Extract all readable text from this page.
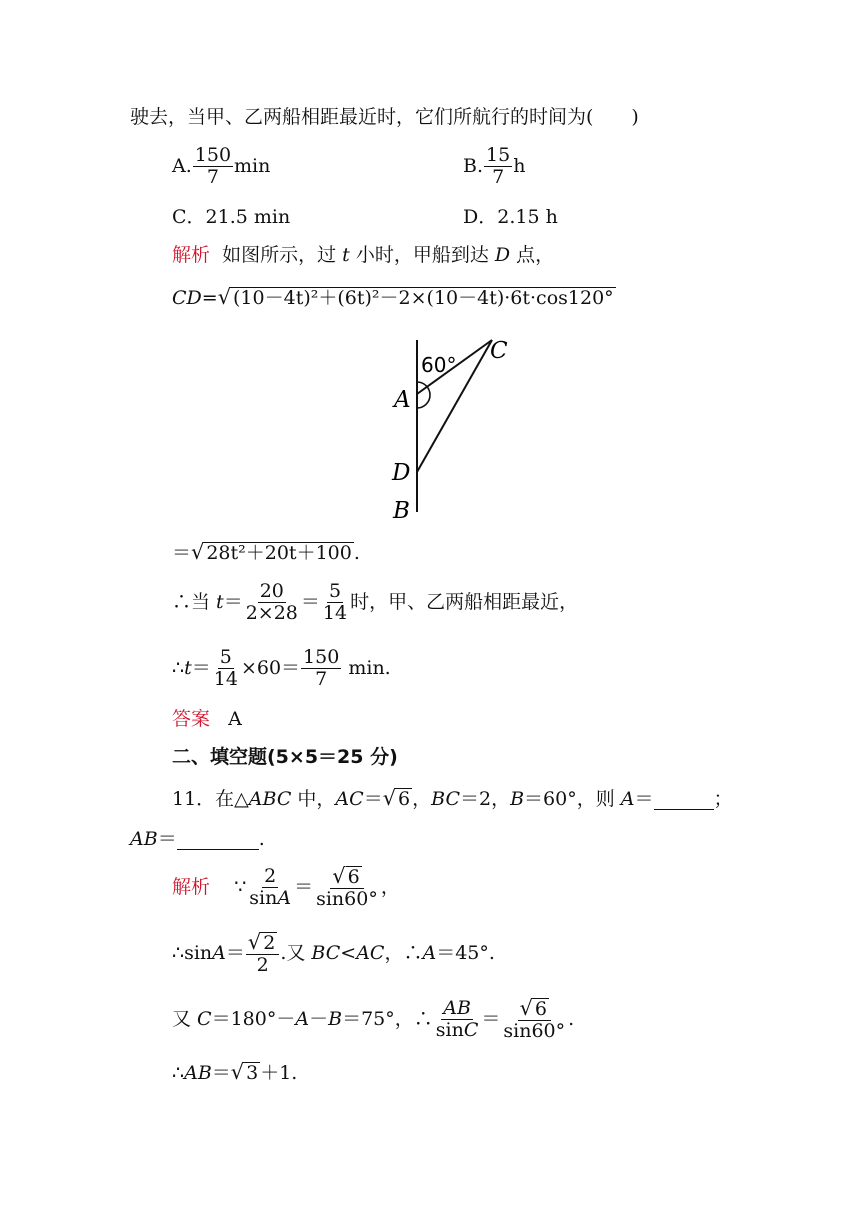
驶去，当甲、乙两船相距最近时，它们所航行的时间为(　　)
A. $\frac{150}{7}$ min	B. $\frac{15}{7}$ h
C．21.5 min	D．2.15 h
解析 如图所示，过 t 小时，甲船到达 D 点，
CD= √ (10－4t)²＋(6t)²－2×(10－4t)·6t·cos120°
60°
C
A
D
B
＝ √ 28t²＋20t＋100 .
∴当 $t= \frac{20}{2\times 28} = \frac{5}{14}$ 时，甲、乙两船相距最近，
∴t＝ $\frac{5}{14} \times 60= \frac{150}{7} \min$.
答案 A
二、填空题(5×5＝25 分)
11．在△ABC 中，AC＝ √ 6 ，BC＝2，B＝60°，则 A＝	；
AB＝	.
解析 ∵ $\frac{2}{\sin A} = \frac{√ 6}{\sin 60^\circ}$ ，
∴sinA＝ $\frac{√ 2}{2}$ .又 BC<AC，∴A＝45°.
又 C＝180°－A－B＝75°，∴ $\frac{AB}{\sin C} = \frac{√ 6}{\sin 60^\circ}$ .
∴AB＝ √ 3 ＋1.
